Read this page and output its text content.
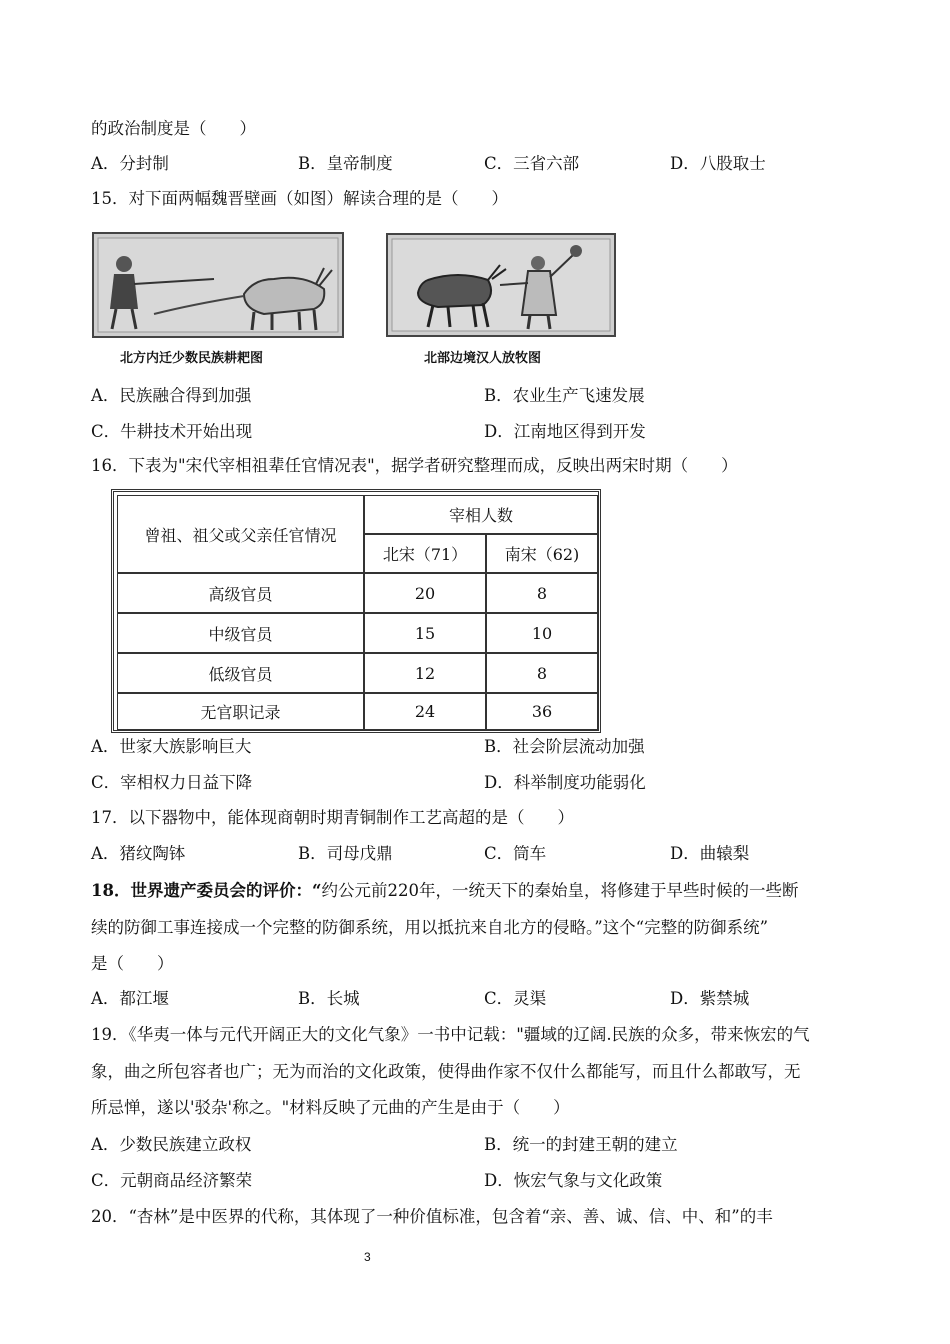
的政治制度是（　　）
A．分封制	B．皇帝制度	C．三省六部	D．八股取士
15．对下面两幅魏晋壁画（如图）解读合理的是（　　）
北方内迁少数民族耕耙图	北部边境汉人放牧图
A．民族融合得到加强	B．农业生产飞速发展
C．牛耕技术开始出现	D．江南地区得到开发
16．下表为"宋代宰相祖辈任官情况表"，据学者研究整理而成，反映出两宋时期（　　）
曾祖、祖父或父亲任官情况
宰相人数
北宋（71）	南宋（62)
高级官员	20	8
中级官员	15	10
低级官员	12	8
无官职记录	24	36
A．世家大族影响巨大	B．社会阶层流动加强
C．宰相权力日益下降	D．科举制度功能弱化
17．以下器物中，能体现商朝时期青铜制作工艺高超的是（　　）
A．猪纹陶钵	B．司母戊鼎	C．筒车	D．曲辕梨
18．世界遗产委员会的评价：“约公元前220年，一统天下的秦始皇，将修建于早些时候的一些断
续的防御工事连接成一个完整的防御系统，用以抵抗来自北方的侵略。”这个“完整的防御系统”
是（　　）
A．都江堰	B．长城	C．灵渠	D．紫禁城
19．《华夷一体与元代开阔正大的文化气象》一书中记载："疆域的辽阔.民族的众多，带来恢宏的气
象，曲之所包容者也广；无为而治的文化政策，使得曲作家不仅什么都能写，而且什么都敢写，无
所忌惮，遂以'驳杂'称之。"材料反映了元曲的产生是由于（　　）
A．少数民族建立政权	B．统一的封建王朝的建立
C．元朝商品经济繁荣	D．恢宏气象与文化政策
20．“杏林”是中医界的代称，其体现了一种价值标准，包含着“亲、善、诚、信、中、和”的丰
3
